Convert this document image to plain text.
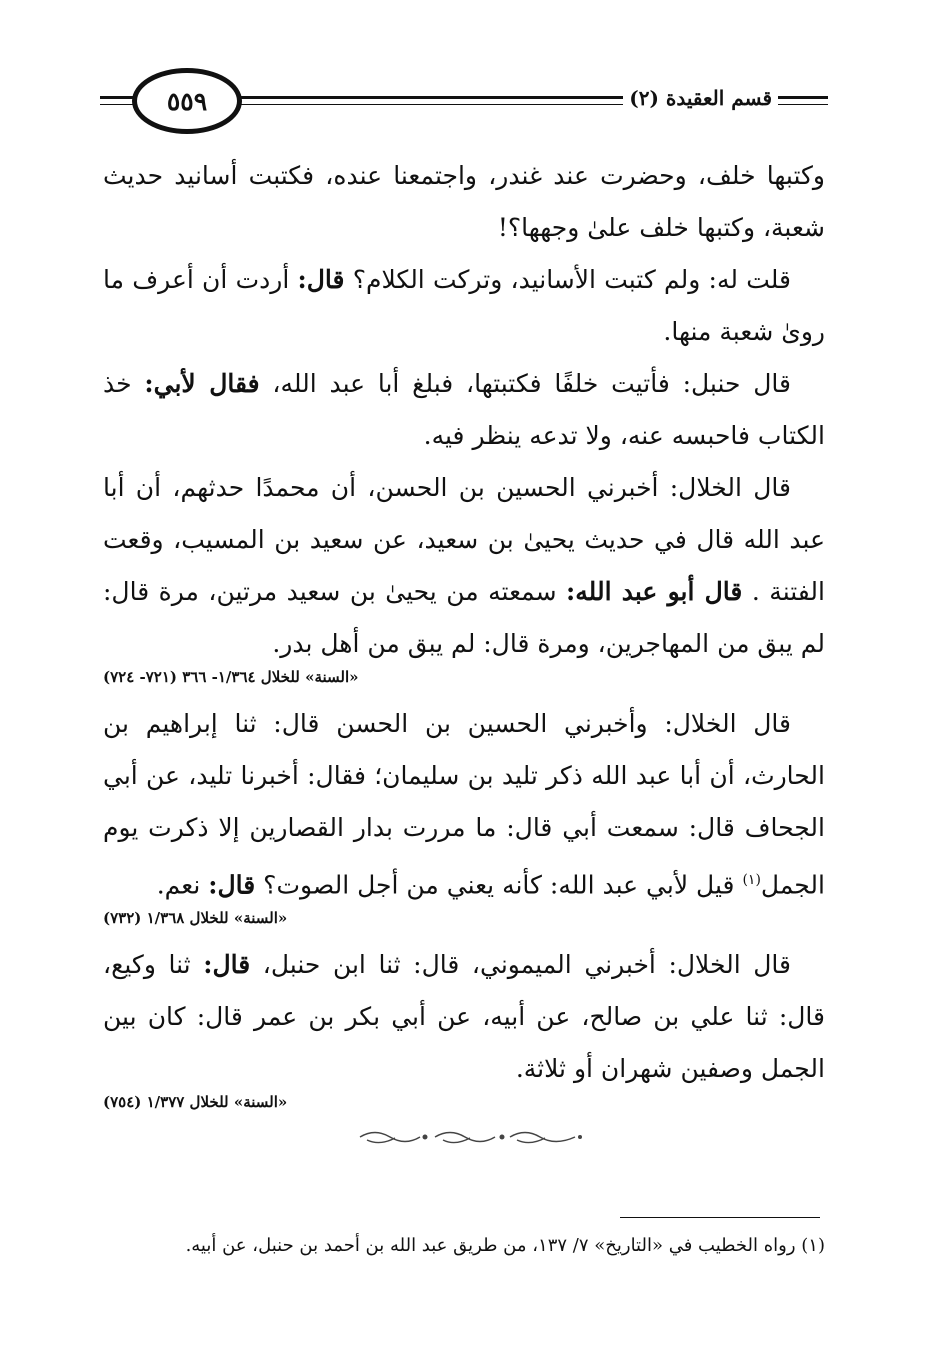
٥٥٩	قسم العقيدة (٢)

وكتبها خلف، وحضرت عند غندر، واجتمعنا عنده، فكتبت أسانيد حديث شعبة، وكتبها خلف علىٰ وجهها؟!

قلت له: ولم كتبت الأسانيد، وتركت الكلام؟ قال: أردت أن أعرف ما روىٰ شعبة منها.

قال حنبل: فأتيت خلفًا فكتبتها، فبلغ أبا عبد الله، فقال لأبي: خذ الكتاب فاحبسه عنه، ولا تدعه ينظر فيه.

قال الخلال: أخبرني الحسين بن الحسن، أن محمدًا حدثهم، أن أبا عبد الله قال في حديث يحيىٰ بن سعيد، عن سعيد بن المسيب، وقعت الفتنة . قال أبو عبد الله: سمعته من يحيىٰ بن سعيد مرتين، مرة قال: لم يبق من المهاجرين، ومرة قال: لم يبق من أهل بدر.

«السنة» للخلال ١/٣٦٤- ٣٦٦ (٧٢١- ٧٢٤)

قال الخلال: وأخبرني الحسين بن الحسن قال: ثنا إبراهيم بن الحارث، أن أبا عبد الله ذكر تليد بن سليمان؛ فقال: أخبرنا تليد، عن أبي الجحاف قال: سمعت أبي قال: ما مررت بدار القصارين إلا ذكرت يوم الجمل$^{(١)}$ قيل لأبي عبد الله: كأنه يعني من أجل الصوت؟ قال: نعم.

«السنة» للخلال ١/٣٦٨ (٧٣٢)

قال الخلال: أخبرني الميموني، قال: ثنا ابن حنبل، قال: ثنا وكيع، قال: ثنا علي بن صالح، عن أبيه، عن أبي بكر بن عمر قال: كان بين الجمل وصفين شهران أو ثلاثة.

«السنة» للخلال ١/٣٧٧ (٧٥٤)
(١) رواه الخطيب في «التاريخ» ٧/ ١٣٧، من طريق عبد الله بن أحمد بن حنبل، عن أبيه.
